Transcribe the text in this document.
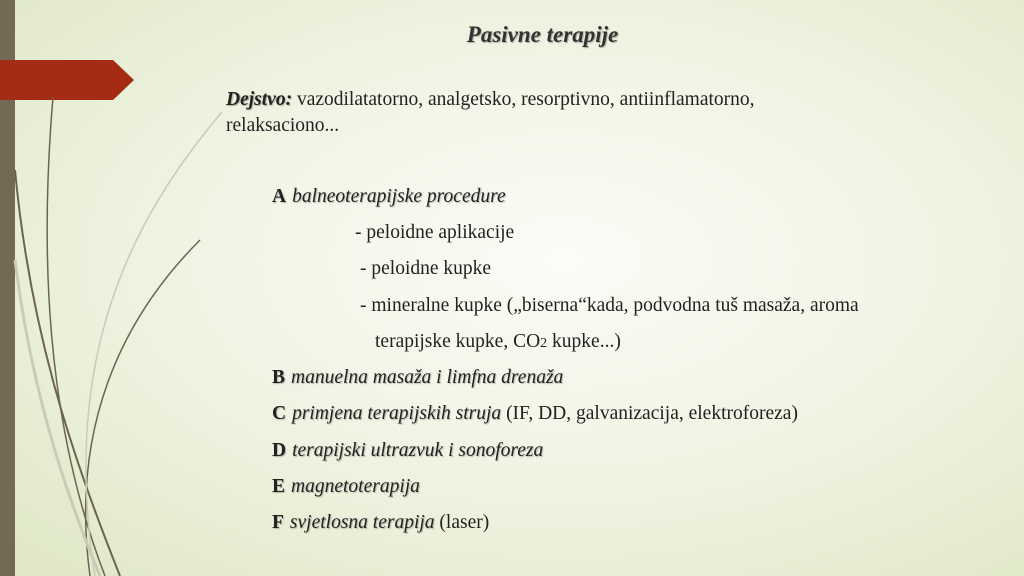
Pasivne terapije
Dejstvo: vazodilatatorno, analgetsko, resorptivno, antiinflamatorno,
relaksaciono...
A balneoterapijske procedure
- peloidne aplikacije
- peloidne kupke
- mineralne kupke („biserna“kada, podvodna tuš masaža, aroma
terapijske kupke, CO2 kupke...)
B manuelna masaža i limfna drenaža
C primjena terapijskih struja (IF, DD, galvanizacija, elektroforeza)
D terapijski ultrazvuk i sonoforeza
E magnetoterapija
F svjetlosna terapija (laser)
